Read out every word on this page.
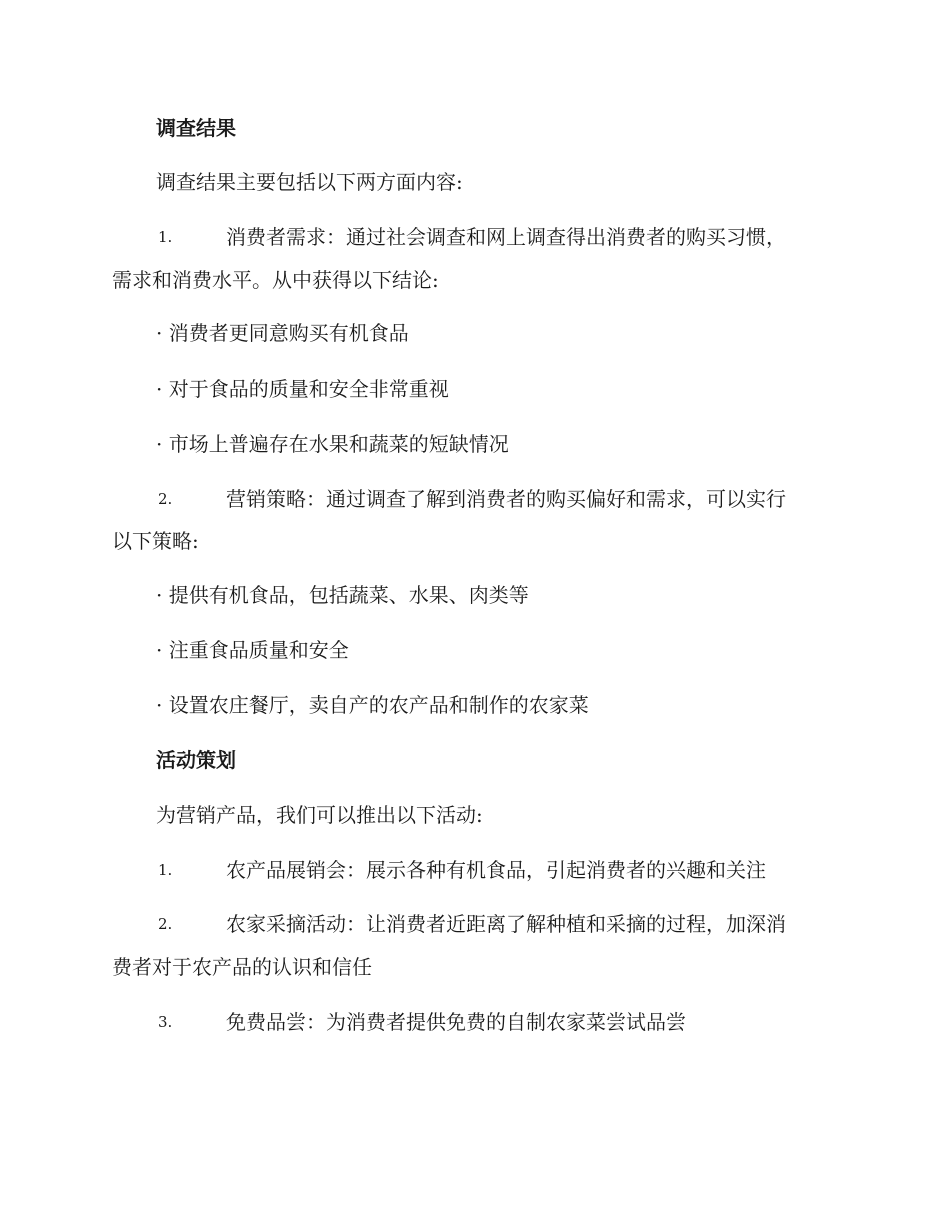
调查结果
调查结果主要包括以下两方面内容:
1.	消费者需求：通过社会调查和网上调查得出消费者的购买习惯，
需求和消费水平。从中获得以下结论:
· 消费者更同意购买有机食品
· 对于食品的质量和安全非常重视
· 市场上普遍存在水果和蔬菜的短缺情况
2.	营销策略：通过调查了解到消费者的购买偏好和需求，可以实行
以下策略:
· 提供有机食品，包括蔬菜、水果、肉类等
· 注重食品质量和安全
· 设置农庄餐厅，卖自产的农产品和制作的农家菜
活动策划
为营销产品，我们可以推出以下活动:
1.	农产品展销会：展示各种有机食品，引起消费者的兴趣和关注
2.	农家采摘活动：让消费者近距离了解种植和采摘的过程，加深消
费者对于农产品的认识和信任
3.	免费品尝：为消费者提供免费的自制农家菜尝试品尝
